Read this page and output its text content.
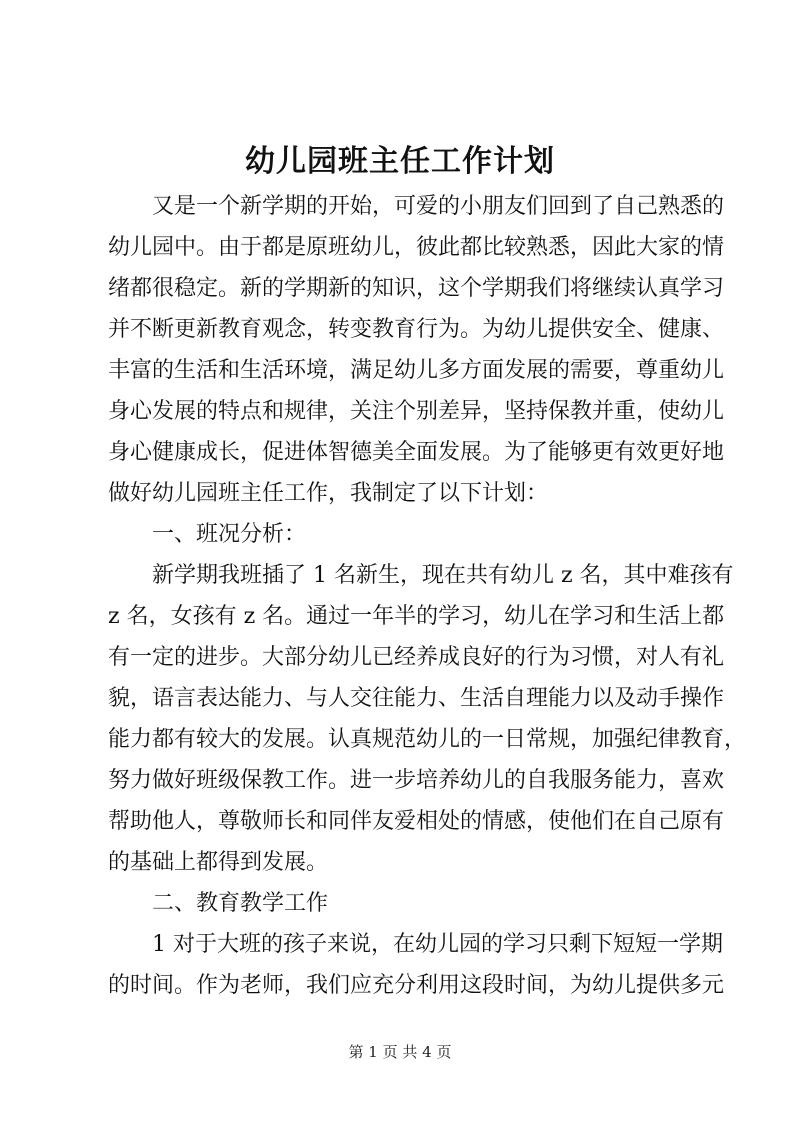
幼儿园班主任工作计划
又是一个新学期的开始，可爱的小朋友们回到了自己熟悉的
幼儿园中。由于都是原班幼儿，彼此都比较熟悉，因此大家的情
绪都很稳定。新的学期新的知识，这个学期我们将继续认真学习
并不断更新教育观念，转变教育行为。为幼儿提供安全、健康、
丰富的生活和生活环境，满足幼儿多方面发展的需要，尊重幼儿
身心发展的特点和规律，关注个别差异，坚持保教并重，使幼儿
身心健康成长，促进体智德美全面发展。为了能够更有效更好地
做好幼儿园班主任工作，我制定了以下计划：
一、班况分析：
新学期我班插了 1 名新生，现在共有幼儿 z 名，其中难孩有
z 名，女孩有 z 名。通过一年半的学习，幼儿在学习和生活上都
有一定的进步。大部分幼儿已经养成良好的行为习惯，对人有礼
貌，语言表达能力、与人交往能力、生活自理能力以及动手操作
能力都有较大的发展。认真规范幼儿的一日常规，加强纪律教育，
努力做好班级保教工作。进一步培养幼儿的自我服务能力，喜欢
帮助他人，尊敬师长和同伴友爱相处的情感，使他们在自己原有
的基础上都得到发展。
二、教育教学工作
1 对于大班的孩子来说，在幼儿园的学习只剩下短短一学期
的时间。作为老师，我们应充分利用这段时间，为幼儿提供多元
第 1 页 共 4 页
